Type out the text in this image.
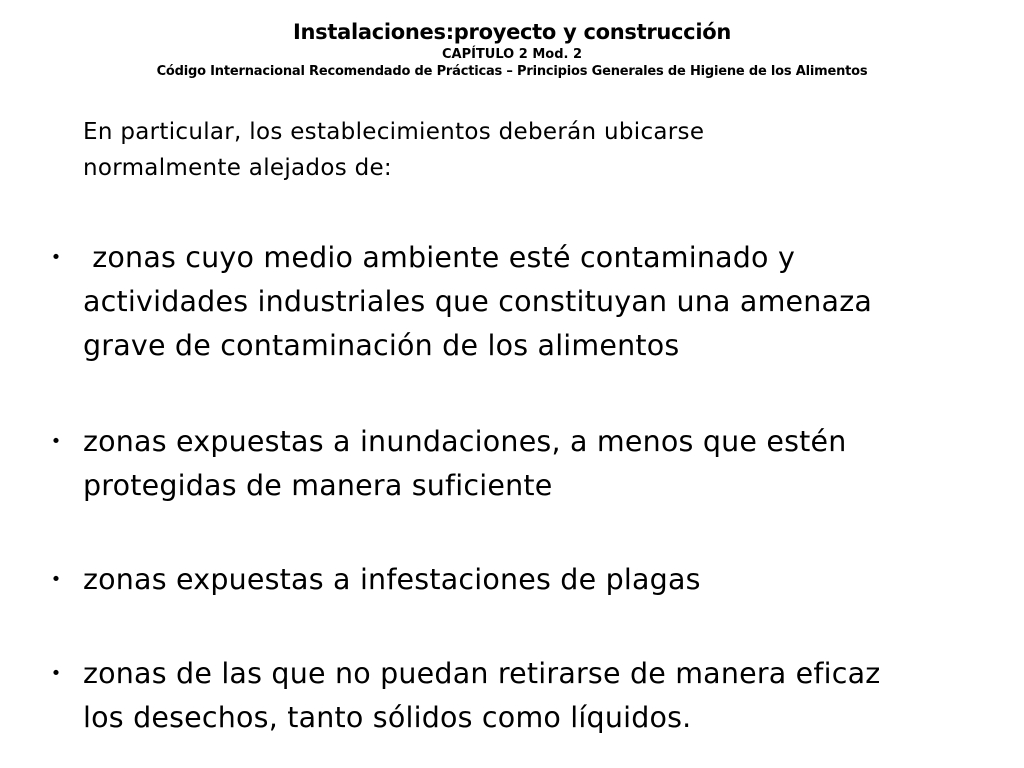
Instalaciones:proyecto y construcción
CAPÍTULO 2 Mod. 2
Código Internacional Recomendado de Prácticas – Principios Generales de Higiene de los Alimentos
En particular, los establecimientos deberán ubicarse
normalmente alejados de:
・ zonas cuyo medio ambiente esté contaminado y
actividades industriales que constituyan una amenaza
grave de contaminación de los alimentos
・ zonas expuestas a inundaciones, a menos que estén
protegidas de manera suficiente
・ zonas expuestas a infestaciones de plagas
・ zonas de las que no puedan retirarse de manera eficaz
los desechos, tanto sólidos como líquidos.
